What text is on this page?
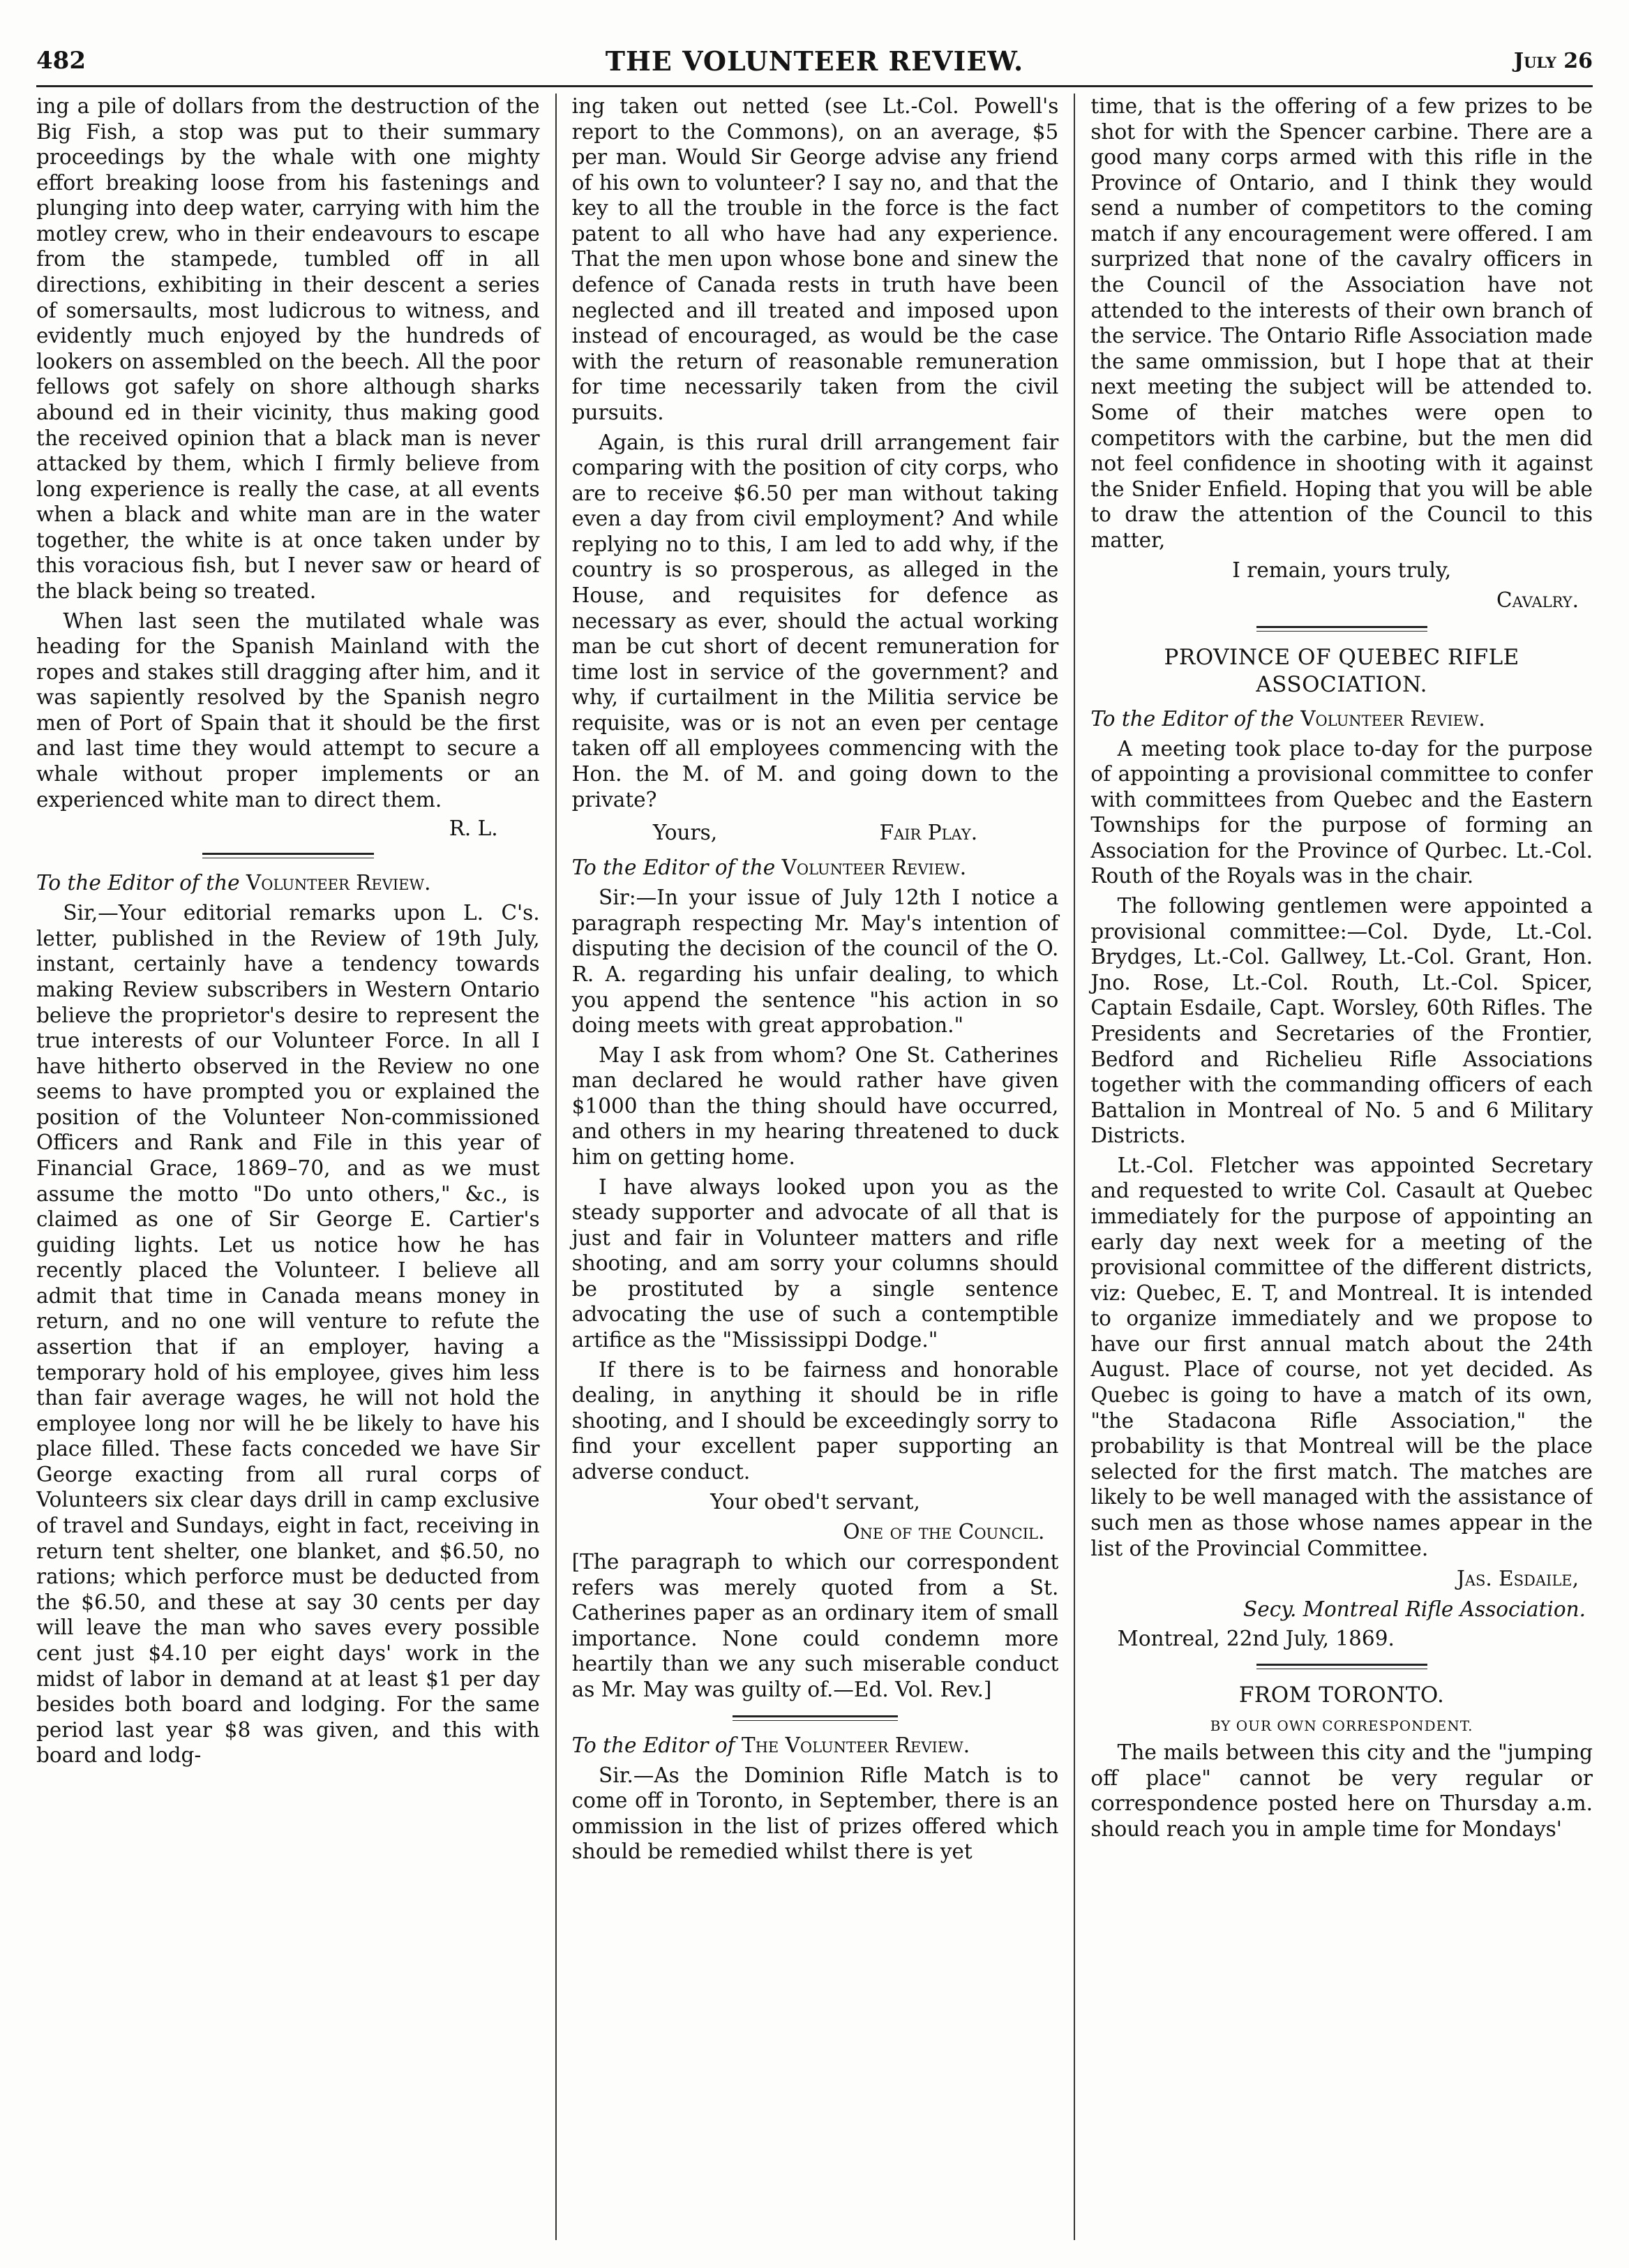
482	THE VOLUNTEER REVIEW.	July 26

ing a pile of dollars from the destruction of the Big Fish, a stop was put to their summary proceedings by the whale with one mighty effort breaking loose from his fastenings and plunging into deep water, carrying with him the motley crew, who in their endeavours to escape from the stampede, tumbled off in all directions, exhibiting in their descent a series of somersaults, most ludicrous to witness, and evidently much enjoyed by the hundreds of lookers on assembled on the beech. All the poor fellows got safely on shore although sharks abound ed in their vicinity, thus making good the received opinion that a black man is never attacked by them, which I firmly believe from long experience is really the case, at all events when a black and white man are in the water together, the white is at once taken under by this voracious fish, but I never saw or heard of the black being so treated.

When last seen the mutilated whale was heading for the Spanish Mainland with the ropes and stakes still dragging after him, and it was sapiently resolved by the Spanish negro men of Port of Spain that it should be the first and last time they would attempt to secure a whale without proper implements or an experienced white man to direct them.

R. L.
To the Editor of the Volunteer Review.

Sir,—Your editorial remarks upon L. C's. letter, published in the Review of 19th July, instant, certainly have a tendency towards making Review subscribers in Western Ontario believe the proprietor's desire to represent the true interests of our Volunteer Force. In all I have hitherto observed in the Review no one seems to have prompted you or explained the position of the Volunteer Non-commissioned Officers and Rank and File in this year of Financial Grace, 1869–70, and as we must assume the motto "Do unto others," &c., is claimed as one of Sir George E. Cartier's guiding lights. Let us notice how he has recently placed the Volunteer. I believe all admit that time in Canada means money in return, and no one will venture to refute the assertion that if an employer, having a temporary hold of his employee, gives him less than fair average wages, he will not hold the employee long nor will he be likely to have his place filled. These facts conceded we have Sir George exacting from all rural corps of Volunteers six clear days drill in camp exclusive of travel and Sundays, eight in fact, receiving in return tent shelter, one blanket, and $6.50, no rations; which perforce must be deducted from the $6.50, and these at say 30 cents per day will leave the man who saves every possible cent just $4.10 per eight days' work in the midst of labor in demand at at least $1 per day besides both board and lodging. For the same period last year $8 was given, and this with board and lodg-

ing taken out netted (see Lt.-Col. Powell's report to the Commons), on an average, $5 per man. Would Sir George advise any friend of his own to volunteer? I say no, and that the key to all the trouble in the force is the fact patent to all who have had any experience. That the men upon whose bone and sinew the defence of Canada rests in truth have been neglected and ill treated and imposed upon instead of encouraged, as would be the case with the return of reasonable remuneration for time necessarily taken from the civil pursuits.

Again, is this rural drill arrangement fair comparing with the position of city corps, who are to receive $6.50 per man without taking even a day from civil employment? And while replying no to this, I am led to add why, if the country is so prosperous, as alleged in the House, and requisites for defence as necessary as ever, should the actual working man be cut short of decent remuneration for time lost in service of the government? and why, if curtailment in the Militia service be requisite, was or is not an even per centage taken off all employees commencing with the Hon. the M. of M. and going down to the private?

Yours,	Fair Play.
To the Editor of the Volunteer Review.

Sir:—In your issue of July 12th I notice a paragraph respecting Mr. May's intention of disputing the decision of the council of the O. R. A. regarding his unfair dealing, to which you append the sentence "his action in so doing meets with great approbation."

May I ask from whom? One St. Catherines man declared he would rather have given $1000 than the thing should have occurred, and others in my hearing threatened to duck him on getting home.

I have always looked upon you as the steady supporter and advocate of all that is just and fair in Volunteer matters and rifle shooting, and am sorry your columns should be prostituted by a single sentence advocating the use of such a contemptible artifice as the "Mississippi Dodge."

If there is to be fairness and honorable dealing, in anything it should be in rifle shooting, and I should be exceedingly sorry to find your excellent paper supporting an adverse conduct.

Your obed't servant,
One of the Council.

[The paragraph to which our correspondent refers was merely quoted from a St. Catherines paper as an ordinary item of small importance. None could condemn more heartily than we any such miserable conduct as Mr. May was guilty of.—Ed. Vol. Rev.]

To the Editor of The Volunteer Review.

Sir.—As the Dominion Rifle Match is to come off in Toronto, in September, there is an ommission in the list of prizes offered which should be remedied whilst there is yet

time, that is the offering of a few prizes to be shot for with the Spencer carbine. There are a good many corps armed with this rifle in the Province of Ontario, and I think they would send a number of competitors to the coming match if any encouragement were offered. I am surprized that none of the cavalry officers in the Council of the Association have not attended to the interests of their own branch of the service. The Ontario Rifle Association made the same ommission, but I hope that at their next meeting the subject will be attended to. Some of their matches were open to competitors with the carbine, but the men did not feel confidence in shooting with it against the Snider Enfield. Hoping that you will be able to draw the attention of the Council to this matter,

I remain, yours truly,
Cavalry.
PROVINCE OF QUEBEC RIFLE
ASSOCIATION.
To the Editor of the Volunteer Review.

A meeting took place to-day for the purpose of appointing a provisional committee to confer with committees from Quebec and the Eastern Townships for the purpose of forming an Association for the Province of Qurbec. Lt.-Col. Routh of the Royals was in the chair.

The following gentlemen were appointed a provisional committee:—Col. Dyde, Lt.-Col. Brydges, Lt.-Col. Gallwey, Lt.-Col. Grant, Hon. Jno. Rose, Lt.-Col. Routh, Lt.-Col. Spicer, Captain Esdaile, Capt. Worsley, 60th Rifles. The Presidents and Secretaries of the Frontier, Bedford and Richelieu Rifle Associations together with the commanding officers of each Battalion in Montreal of No. 5 and 6 Military Districts.

Lt.-Col. Fletcher was appointed Secretary and requested to write Col. Casault at Quebec immediately for the purpose of appointing an early day next week for a meeting of the provisional committee of the different districts, viz: Quebec, E. T, and Montreal. It is intended to organize immediately and we propose to have our first annual match about the 24th August. Place of course, not yet decided. As Quebec is going to have a match of its own, "the Stadacona Rifle Association," the probability is that Montreal will be the place selected for the first match. The matches are likely to be well managed with the assistance of such men as those whose names appear in the list of the Provincial Committee.

Jas. Esdaile,
Secy. Montreal Rifle Association.

Montreal, 22nd July, 1869.

FROM TORONTO.
BY OUR OWN CORRESPONDENT.

The mails between this city and the "jumping off place" cannot be very regular or correspondence posted here on Thursday a.m. should reach you in ample time for Mondays'
